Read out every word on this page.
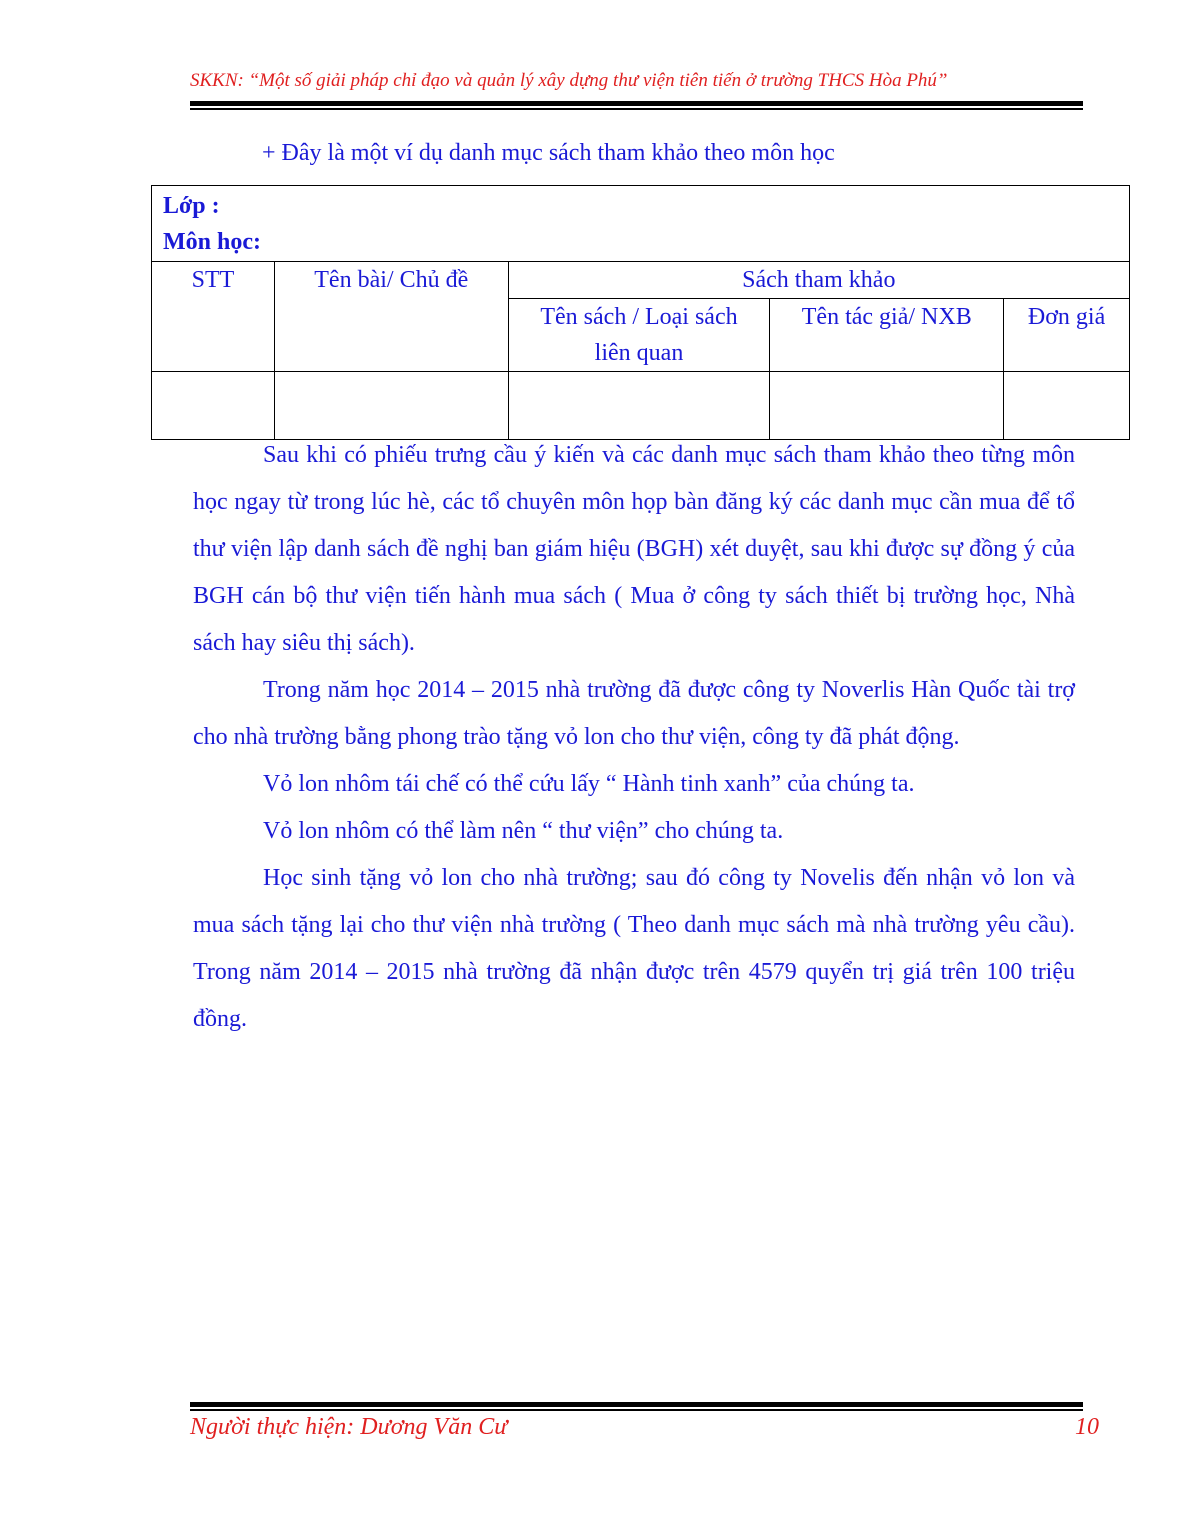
SKKN: “Một số giải pháp chỉ đạo và quản lý xây dựng thư viện tiên tiến ở trường THCS Hòa Phú”
+ Đây là một ví dụ danh mục sách tham khảo theo môn học
Lớp :
Môn học:				

STT	Tên bài/ Chủ đề	Sách tham khảo		
		Tên sách / Loại sách liên quan	Tên tác giả/ NXB	Đơn giá

Sau khi có phiếu trưng cầu ý kiến và các danh mục sách tham khảo theo từng môn học ngay từ trong lúc hè, các tổ chuyên môn họp bàn đăng ký các danh mục cần mua để tổ thư viện lập danh sách đề nghị ban giám hiệu (BGH) xét duyệt, sau khi được sự đồng ý của BGH cán bộ thư viện tiến hành mua sách ( Mua ở công ty sách thiết bị trường học, Nhà sách hay siêu thị sách).

Trong năm học 2014 – 2015 nhà trường đã được công ty Noverlis Hàn Quốc tài trợ cho nhà trường bằng phong trào tặng vỏ lon cho thư viện, công ty đã phát động.

Vỏ lon nhôm tái chế có thể cứu lấy “ Hành tinh xanh” của chúng ta.

Vỏ lon nhôm có thể làm nên “ thư viện” cho chúng ta.

Học sinh tặng vỏ lon cho nhà trường; sau đó công ty Novelis đến nhận vỏ lon và mua sách tặng lại cho thư viện nhà trường ( Theo danh mục sách mà nhà trường yêu cầu). Trong năm 2014 – 2015 nhà trường đã nhận được trên 4579 quyển trị giá trên 100 triệu đồng.

Người thực hiện: Dương Văn Cư	10
